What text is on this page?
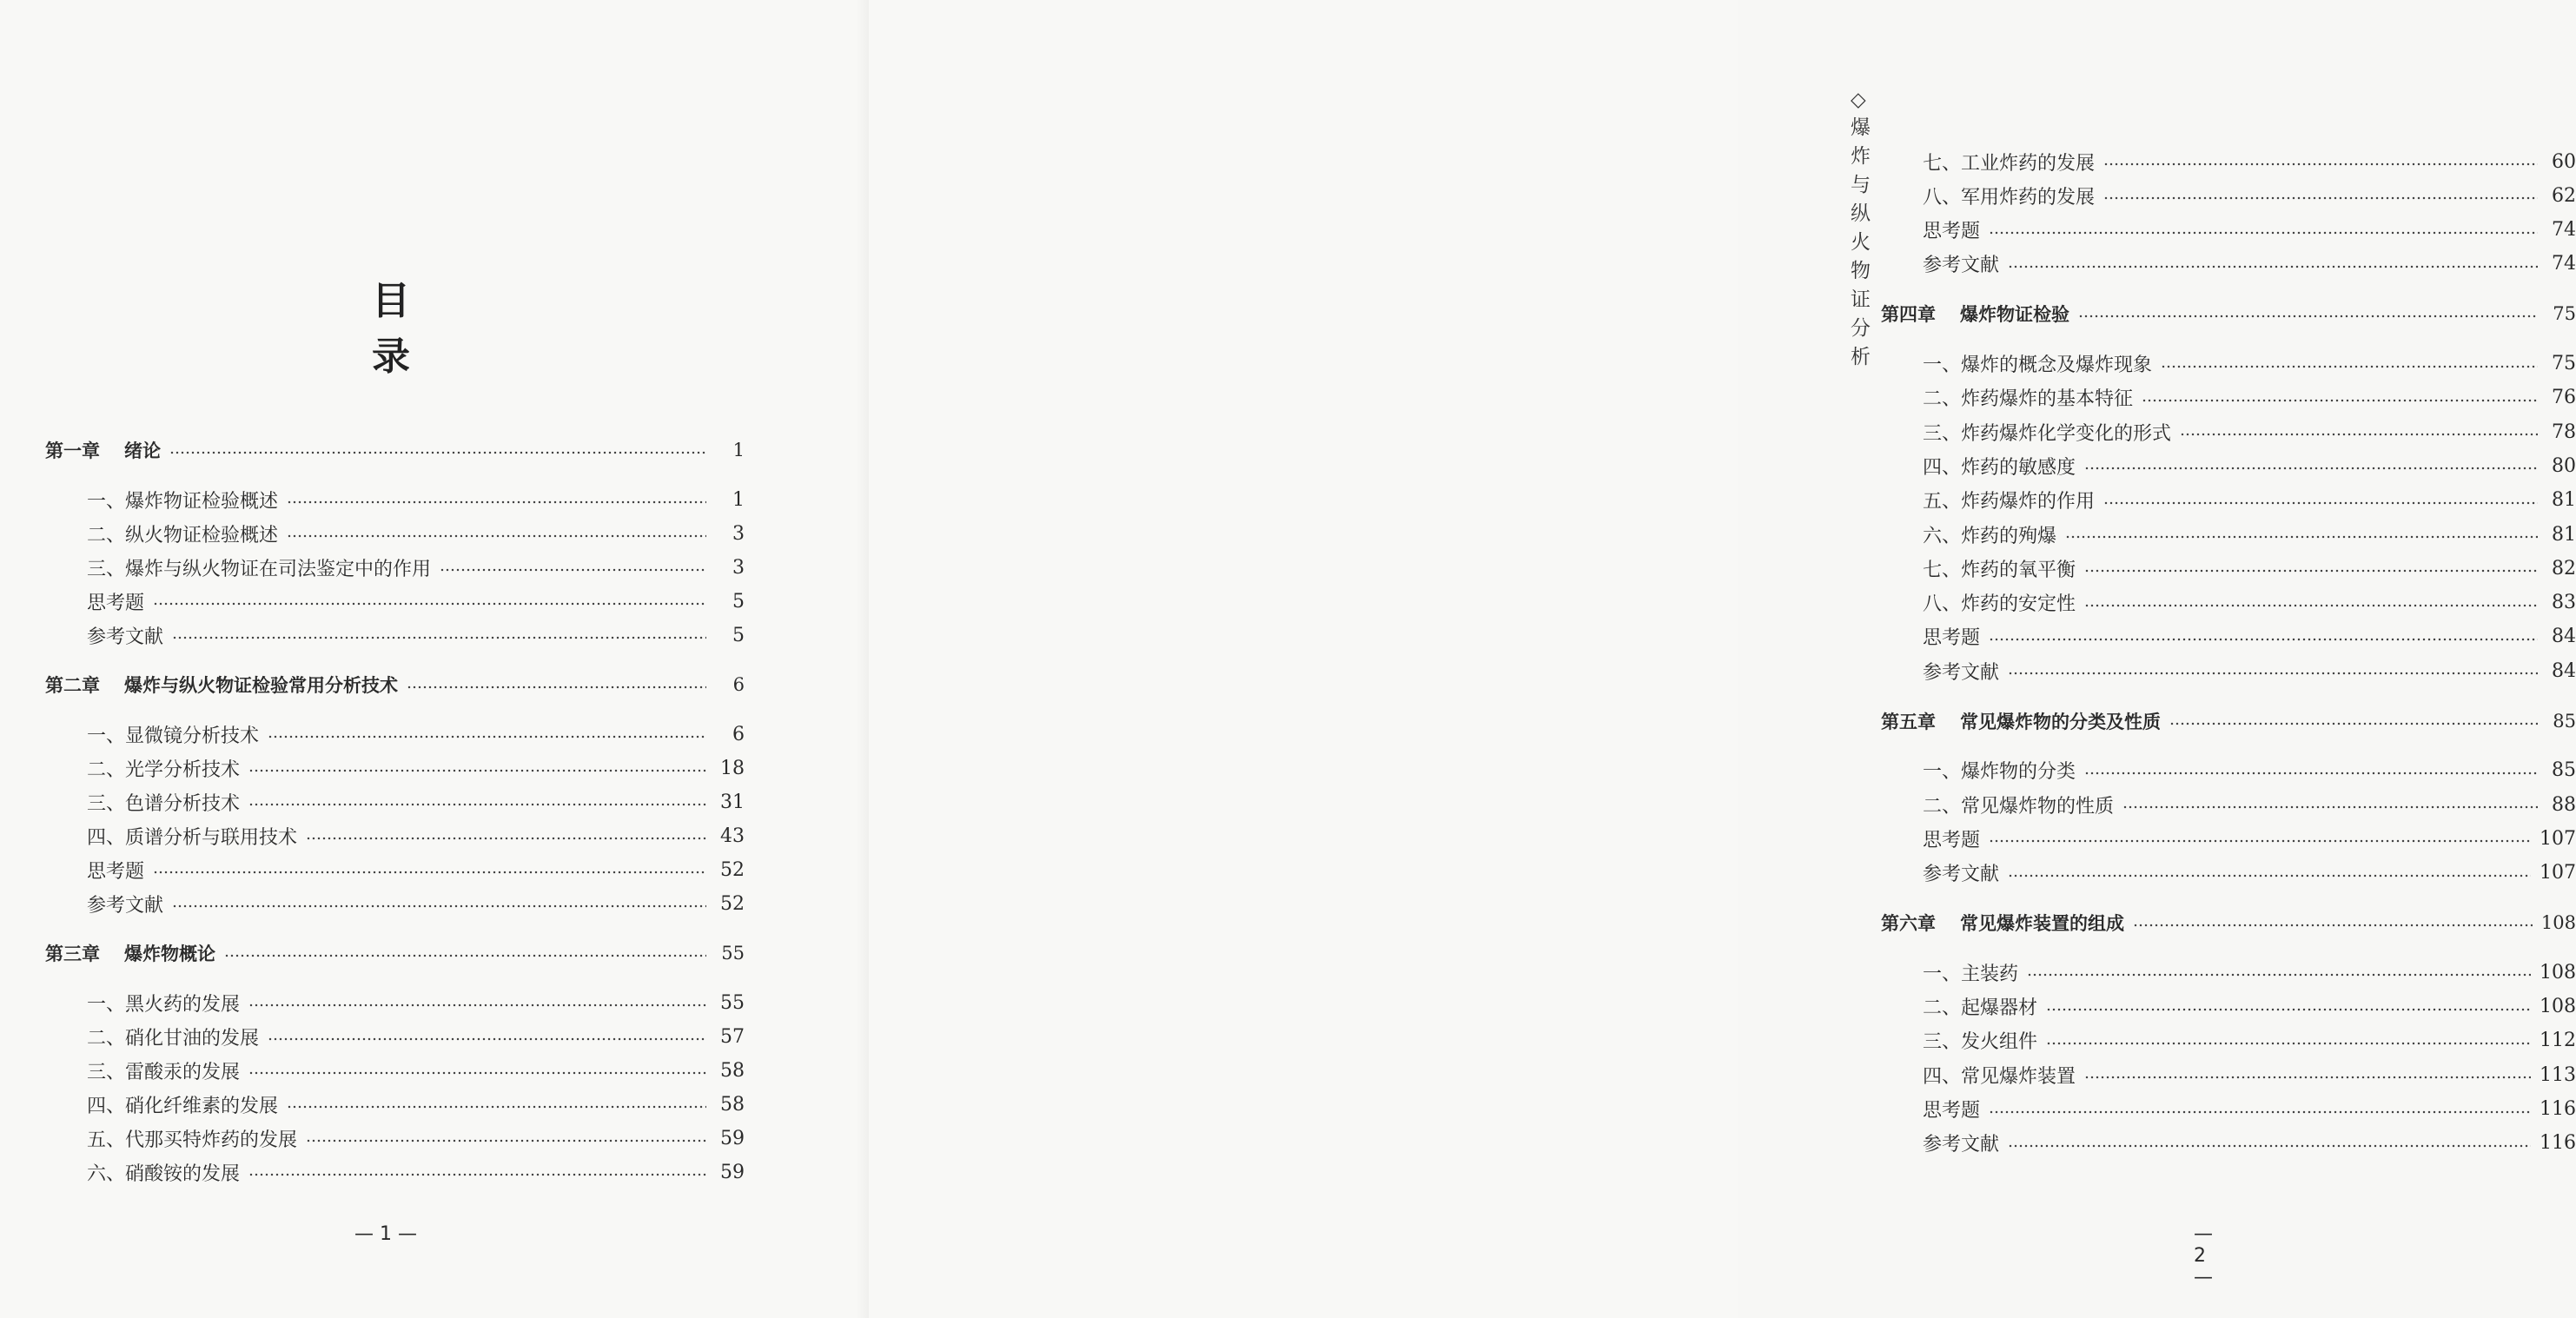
目　录
第一章 绪论	1
一、爆炸物证检验概述	1
二、纵火物证检验概述	3
三、爆炸与纵火物证在司法鉴定中的作用	3
思考题	5
参考文献	5
第二章 爆炸与纵火物证检验常用分析技术	6
一、显微镜分析技术	6
二、光学分析技术	18
三、色谱分析技术	31
四、质谱分析与联用技术	43
思考题	52
参考文献	52
第三章 爆炸物概论	55
一、黑火药的发展	55
二、硝化甘油的发展	57
三、雷酸汞的发展	58
四、硝化纤维素的发展	58
五、代那买特炸药的发展	59
六、硝酸铵的发展	59
— 1 —
◇爆炸与纵火物证分析
七、工业炸药的发展	60
八、军用炸药的发展	62
思考题	74
参考文献	74
第四章 爆炸物证检验	75
一、爆炸的概念及爆炸现象	75
二、炸药爆炸的基本特征	76
三、炸药爆炸化学变化的形式	78
四、炸药的敏感度	80
五、炸药爆炸的作用	81
六、炸药的殉爆	81
七、炸药的氧平衡	82
八、炸药的安定性	83
思考题	84
参考文献	84
第五章 常见爆炸物的分类及性质	85
一、爆炸物的分类	85
二、常见爆炸物的性质	88
思考题	107
参考文献	107
第六章 常见爆炸装置的组成	108
一、主装药	108
二、起爆器材	108
三、发火组件	112
四、常见爆炸装置	113
思考题	116
参考文献	116
— 2 —
